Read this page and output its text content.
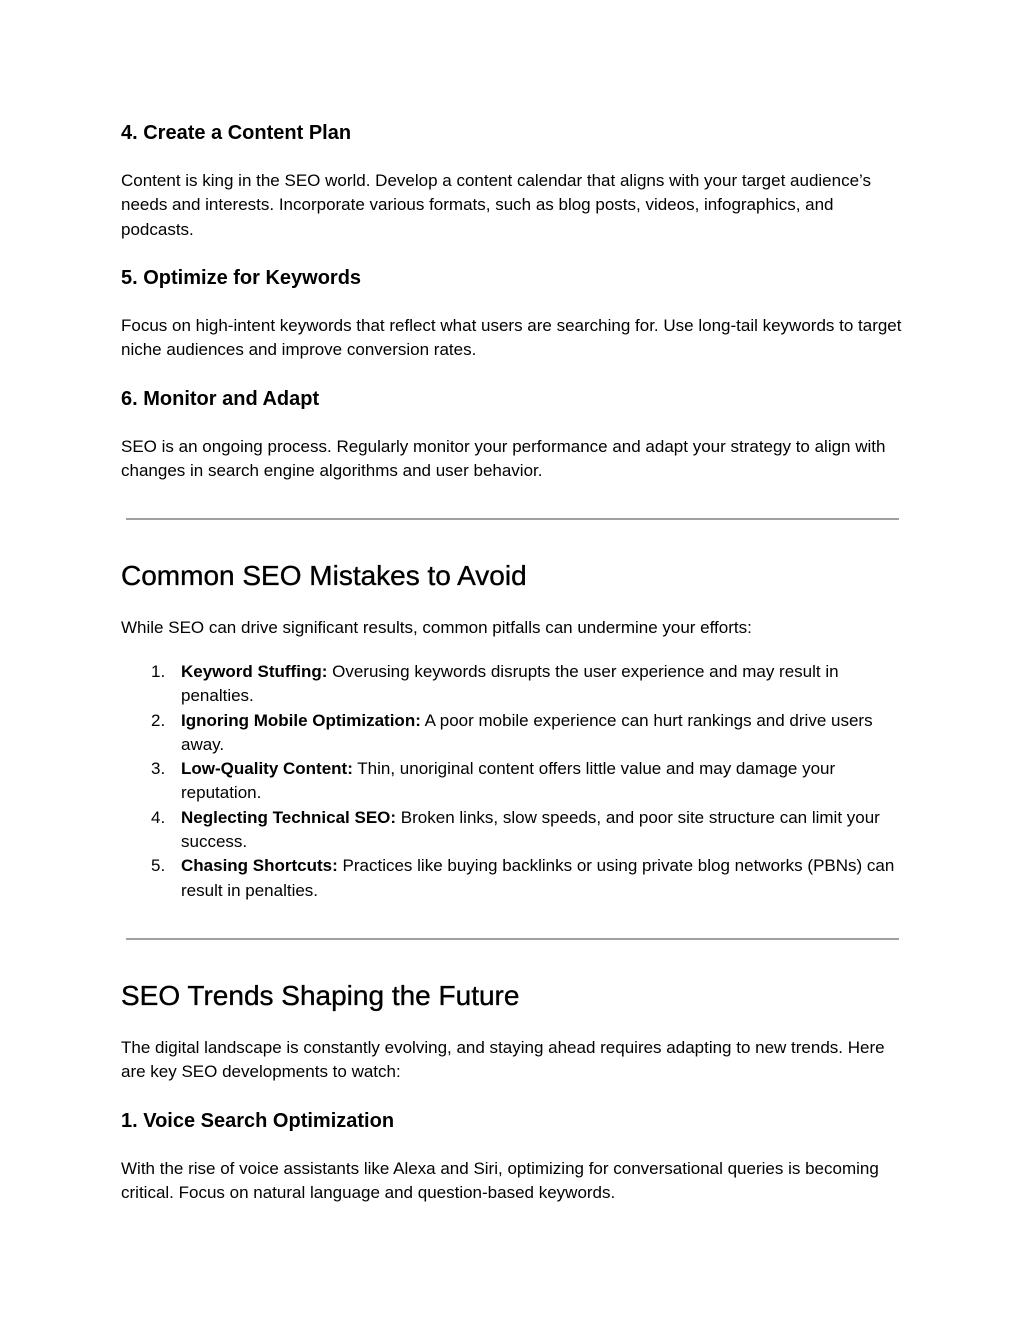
4. Create a Content Plan
Content is king in the SEO world. Develop a content calendar that aligns with your target audience’s needs and interests. Incorporate various formats, such as blog posts, videos, infographics, and podcasts.
5. Optimize for Keywords
Focus on high-intent keywords that reflect what users are searching for. Use long-tail keywords to target niche audiences and improve conversion rates.
6. Monitor and Adapt
SEO is an ongoing process. Regularly monitor your performance and adapt your strategy to align with changes in search engine algorithms and user behavior.
Common SEO Mistakes to Avoid
While SEO can drive significant results, common pitfalls can undermine your efforts:
1. Keyword Stuffing: Overusing keywords disrupts the user experience and may result in penalties.
2. Ignoring Mobile Optimization: A poor mobile experience can hurt rankings and drive users away.
3. Low-Quality Content: Thin, unoriginal content offers little value and may damage your reputation.
4. Neglecting Technical SEO: Broken links, slow speeds, and poor site structure can limit your success.
5. Chasing Shortcuts: Practices like buying backlinks or using private blog networks (PBNs) can result in penalties.
SEO Trends Shaping the Future
The digital landscape is constantly evolving, and staying ahead requires adapting to new trends. Here are key SEO developments to watch:
1. Voice Search Optimization
With the rise of voice assistants like Alexa and Siri, optimizing for conversational queries is becoming critical. Focus on natural language and question-based keywords.
